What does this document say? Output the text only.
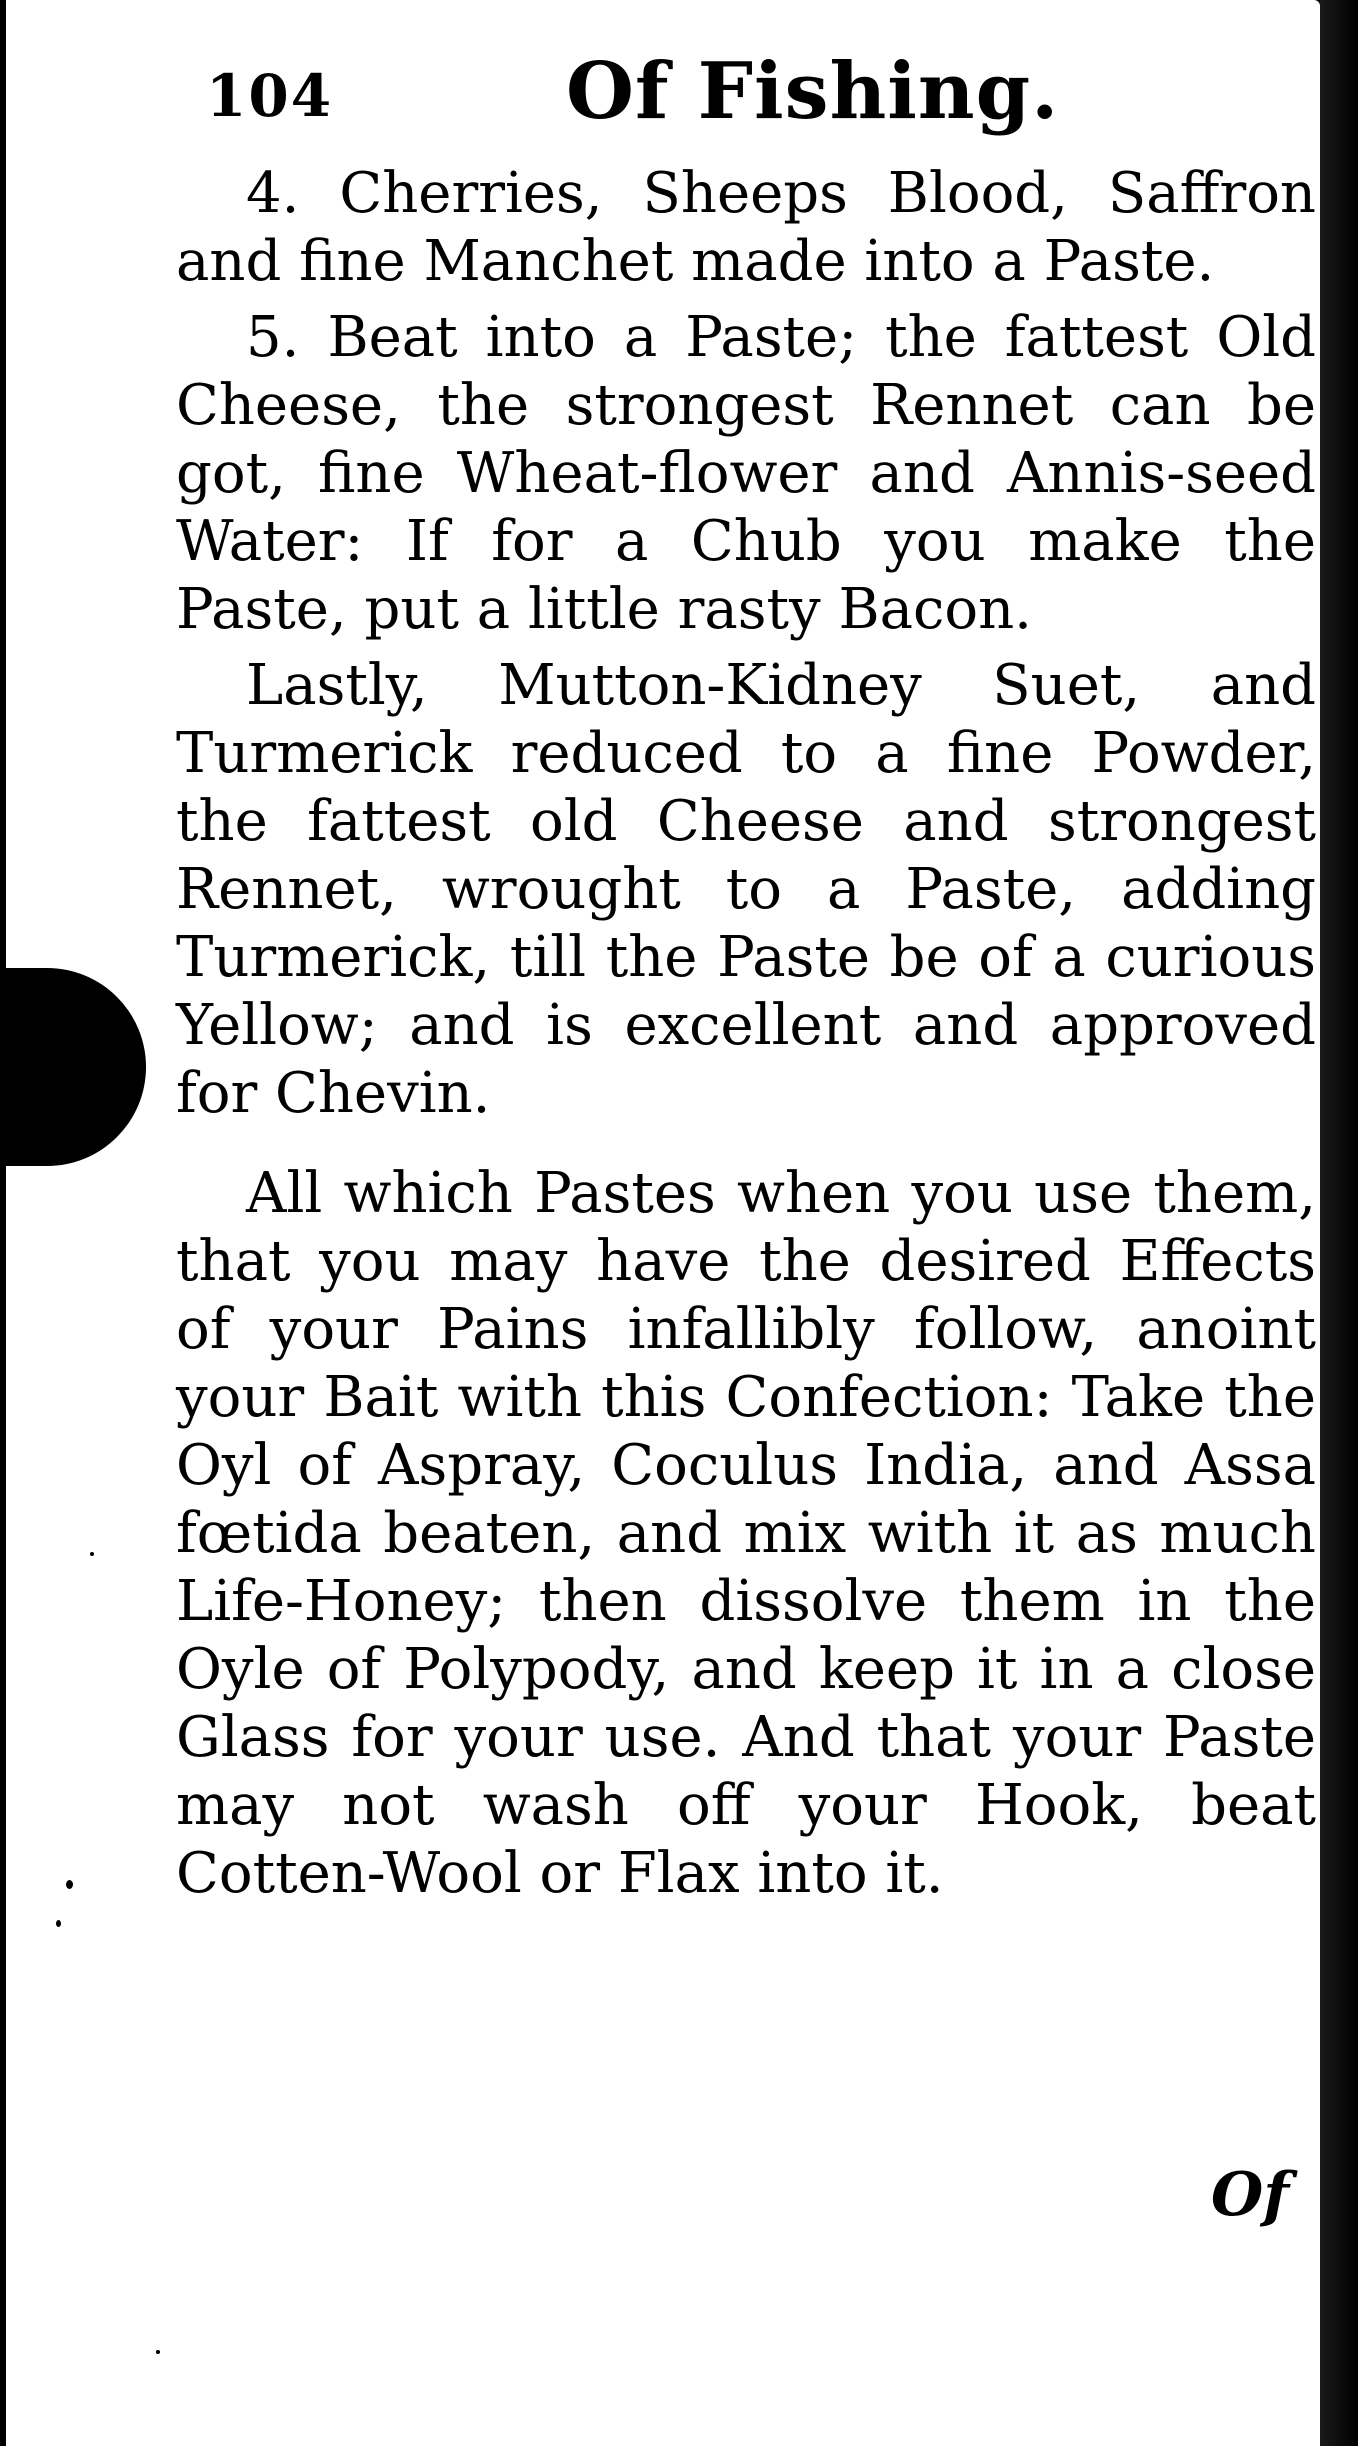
104	Of Fishing.

4. Cherries, Sheeps Blood, Saffron and fine Manchet made into a Paste.

5. Beat into a Paste; the fattest Old Cheese, the strongest Rennet can be got, fine Wheat-flower and Annis-seed Water: If for a Chub you make the Paste, put a little rasty Bacon.

Lastly, Mutton-Kidney Suet, and Turmerick reduced to a fine Powder, the fattest old Cheese and strongest Rennet, wrought to a Paste, adding Turmerick, till the Paste be of a curious Yellow; and is excellent and approved for Chevin.

All which Pastes when you use them, that you may have the desired Effects of your Pains infallibly follow, anoint your Bait with this Confection: Take the Oyl of Aspray, Coculus India, and Assa fœtida beaten, and mix with it as much Life-Honey; then dissolve them in the Oyle of Polypody, and keep it in a close Glass for your use. And that your Paste may not wash off your Hook, beat Cotten-Wool or Flax into it.

Of
